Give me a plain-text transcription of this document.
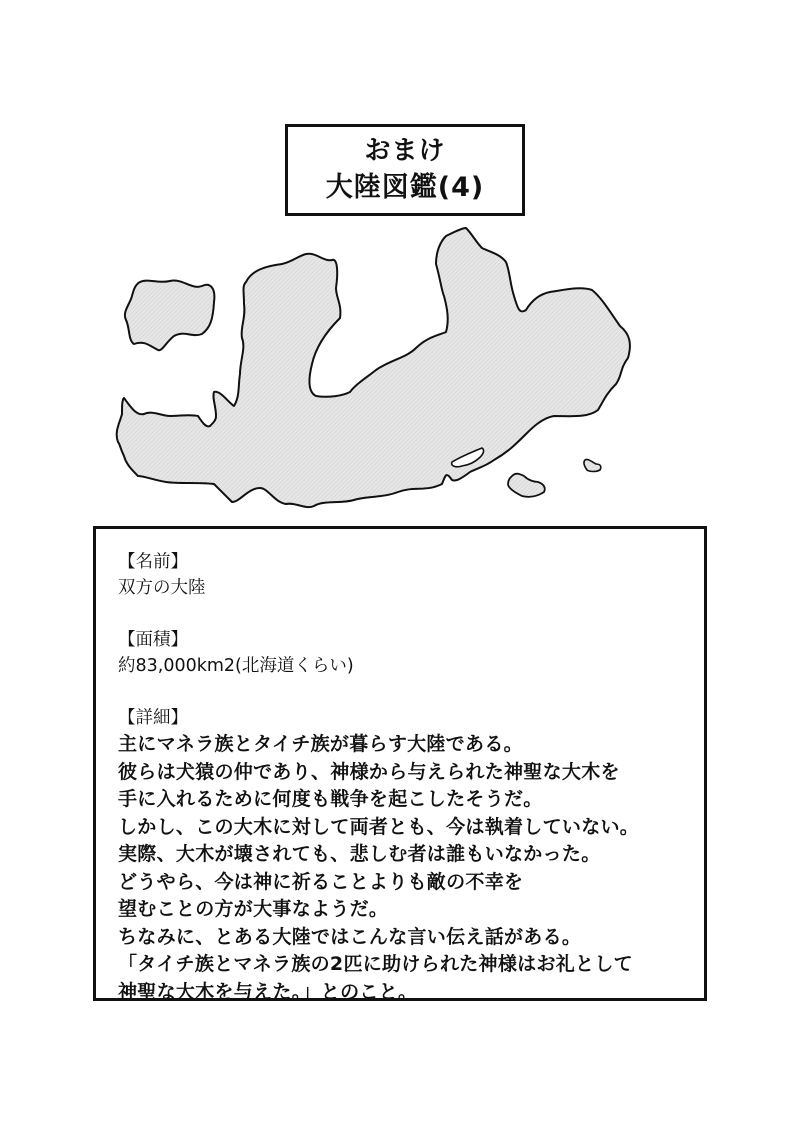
おまけ
大陸図鑑(4)
【名前】
双方の大陸
【面積】
約83,000km2(北海道くらい)
【詳細】
主にマネラ族とタイチ族が暮らす大陸である。
彼らは犬猿の仲であり、神様から与えられた神聖な大木を
手に入れるために何度も戦争を起こしたそうだ。
しかし、この大木に対して両者とも、今は執着していない。
実際、大木が壊されても、悲しむ者は誰もいなかった。
どうやら、今は神に祈ることよりも敵の不幸を
望むことの方が大事なようだ。
ちなみに、とある大陸ではこんな言い伝え話がある。
「タイチ族とマネラ族の2匹に助けられた神様はお礼として
神聖な大木を与えた。」とのこと。
